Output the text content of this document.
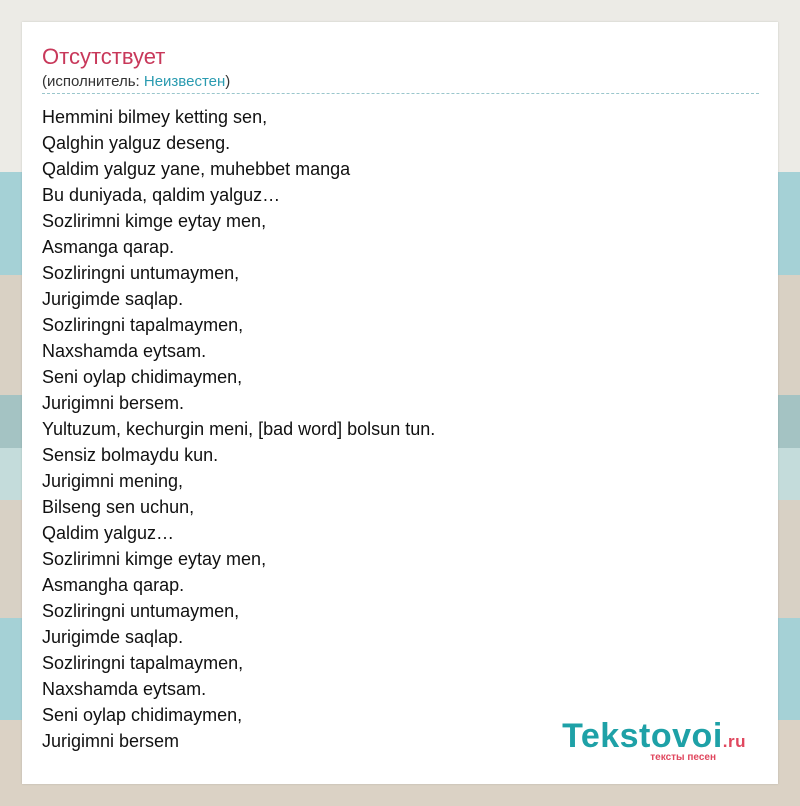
Отсутствует
(исполнитель: Неизвестен)
Hemmini bilmey ketting sen,
Qalghin yalguz deseng.
Qaldim yalguz yane, muhebbet manga
Bu duniyada, qaldim yalguz…
Sozlirimni kimge eytay men,
Asmanga qarap.
Sozliringni untumaymen,
Jurigimde saqlap.
Sozliringni tapalmaymen,
Naxshamda eytsam.
Seni oylap chidimaymen,
Jurigimni bersem.
Yultuzum, kechurgin meni, [bad word] bolsun tun.
Sensiz bolmaydu kun.
Jurigimni mening,
Bilseng sen uchun,
Qaldim yalguz…
Sozlirimni kimge eytay men,
Asmangha qarap.
Sozliringni untumaymen,
Jurigimde saqlap.
Sozliringni tapalmaymen,
Naxshamda eytsam.
Seni oylap chidimaymen,
Jurigimni bersem	Tekstovoi.ru
тексты песен
